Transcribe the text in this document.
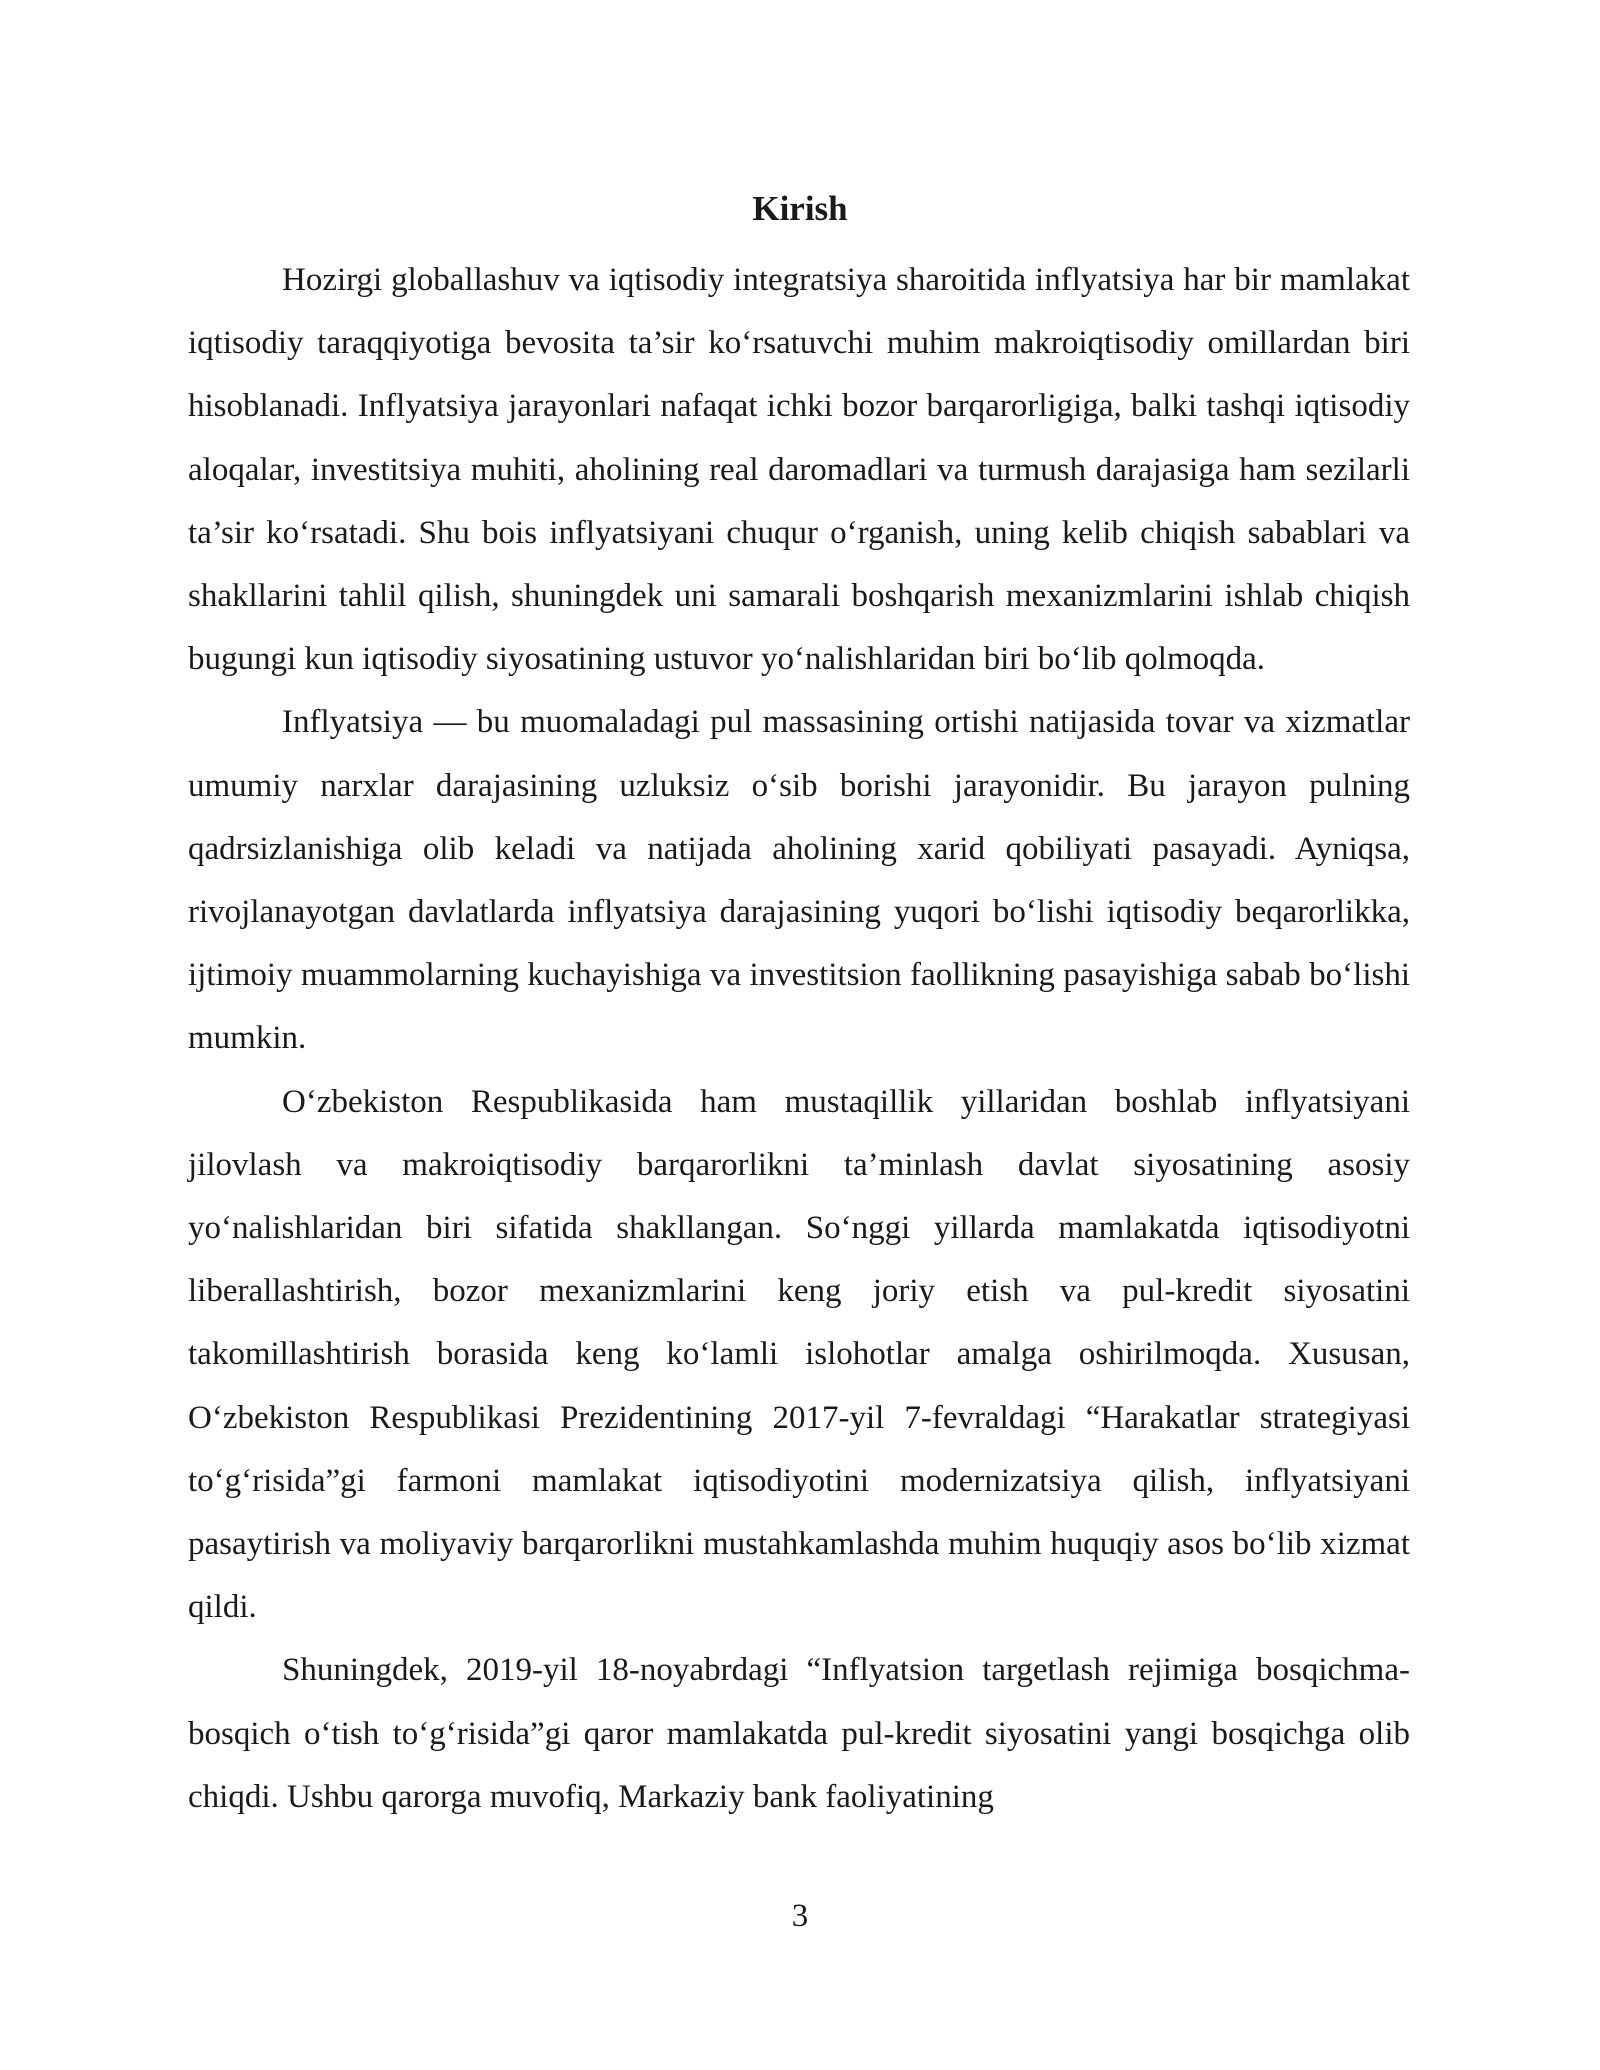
Kirish

Hozirgi globallashuv va iqtisodiy integratsiya sharoitida inflyatsiya har bir mamlakat iqtisodiy taraqqiyotiga bevosita ta’sir ko‘rsatuvchi muhim makroiqtisodiy omillardan biri hisoblanadi. Inflyatsiya jarayonlari nafaqat ichki bozor barqarorligiga, balki tashqi iqtisodiy aloqalar, investitsiya muhiti, aholining real daromadlari va turmush darajasiga ham sezilarli ta’sir ko‘rsatadi. Shu bois inflyatsiyani chuqur o‘rganish, uning kelib chiqish sabablari va shakllarini tahlil qilish, shuningdek uni samarali boshqarish mexanizmlarini ishlab chiqish bugungi kun iqtisodiy siyosatining ustuvor yo‘nalishlaridan biri bo‘lib qolmoqda.

Inflyatsiya — bu muomaladagi pul massasining ortishi natijasida tovar va xizmatlar umumiy narxlar darajasining uzluksiz o‘sib borishi jarayonidir. Bu jarayon pulning qadrsizlanishiga olib keladi va natijada aholining xarid qobiliyati pasayadi. Ayniqsa, rivojlanayotgan davlatlarda inflyatsiya darajasining yuqori bo‘lishi iqtisodiy beqarorlikka, ijtimoiy muammolarning kuchayishiga va investitsion faollikning pasayishiga sabab bo‘lishi mumkin.

O‘zbekiston Respublikasida ham mustaqillik yillaridan boshlab inflyatsiyani jilovlash va makroiqtisodiy barqarorlikni ta’minlash davlat siyosatining asosiy yo‘nalishlaridan biri sifatida shakllangan. So‘nggi yillarda mamlakatda iqtisodiyotni liberallashtirish, bozor mexanizmlarini keng joriy etish va pul-kredit siyosatini takomillashtirish borasida keng ko‘lamli islohotlar amalga oshirilmoqda. Xususan, O‘zbekiston Respublikasi Prezidentining 2017-yil 7-fevraldagi “Harakatlar strategiyasi to‘g‘risida”gi farmoni mamlakat iqtisodiyotini modernizatsiya qilish, inflyatsiyani pasaytirish va moliyaviy barqarorlikni mustahkamlashda muhim huquqiy asos bo‘lib xizmat qildi.

Shuningdek, 2019-yil 18-noyabrdagi “Inflyatsion targetlash rejimiga bosqichma-bosqich o‘tish to‘g‘risida”gi qaror mamlakatda pul-kredit siyosatini yangi bosqichga olib chiqdi. Ushbu qarorga muvofiq, Markaziy bank faoliyatining

3
